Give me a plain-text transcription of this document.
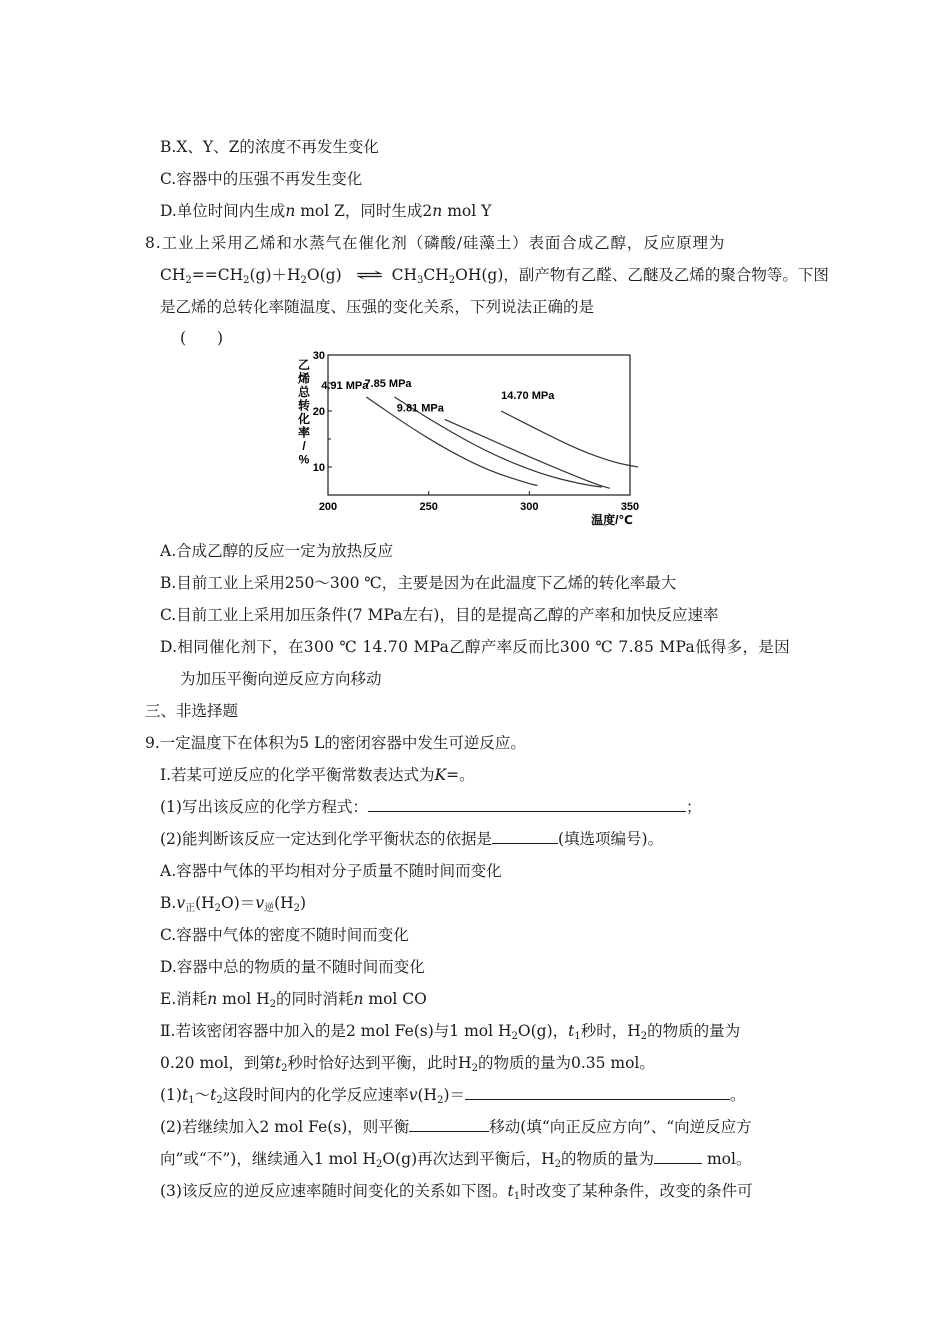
B.X、Y、Z的浓度不再发生变化
C.容器中的压强不再发生变化
D.单位时间内生成n mol Z，同时生成2n mol Y
8.工业上采用乙烯和水蒸气在催化剂（磷酸/硅藻土）表面合成乙醇，反应原理为
$CH_2==CH_2(g)+H_2O(g)$ ⇌ $CH_3CH_2OH(g)$，副产物有乙醛、乙醚及乙烯的聚合物等。下图
是乙烯的总转化率随温度、压强的变化关系，下列说法正确的是
(　　)
乙
烯
总
转
化
率
/
%
200	250	300	350
10
20
30
4.91 MPa
7.85 MPa
9.81 MPa
14.70 MPa
温度/℃
A.合成乙醇的反应一定为放热反应
B.目前工业上采用250～300 ℃，主要是因为在此温度下乙烯的转化率最大
C.目前工业上采用加压条件(7 MPa左右)，目的是提高乙醇的产率和加快反应速率
D.相同催化剂下，在300 ℃ 14.70 MPa乙醇产率反而比300 ℃ 7.85 MPa低得多，是因
为加压平衡向逆反应方向移动
三、非选择题
9.一定温度下在体积为5 L的密闭容器中发生可逆反应。
Ⅰ.若某可逆反应的化学平衡常数表达式为K=。
(1)写出该反应的化学方程式：	；
(2)能判断该反应一定达到化学平衡状态的依据是	(填选项编号)。
A.容器中气体的平均相对分子质量不随时间而变化
$B.v_正(H_2O)=v_逆(H_2)$
C.容器中气体的密度不随时间而变化
D.容器中总的物质的量不随时间而变化
E.消耗n mol $H_2$的同时消耗n mol CO
Ⅱ.若该密闭容器中加入的是2 mol Fe(s)与1 mol $H_2O(g)$，$t_1$秒时，$H_2$的物质的量为
0.20 mol，到第$t_2$秒时恰好达到平衡，此时$H_2$的物质的量为0.35 mol。
$(1)t_1\sim t_2$这段时间内的化学反应速率$v(H_2)=$	。
(2)若继续加入2 mol Fe(s)，则平衡	移动(填“向正反应方向”、“向逆反应方
向”或“不”)，继续通入1 mol $H_2O(g)$再次达到平衡后，$H_2$的物质的量为	mol。
(3)该反应的逆反应速率随时间变化的关系如下图。$t_1$时改变了某种条件，改变的条件可
